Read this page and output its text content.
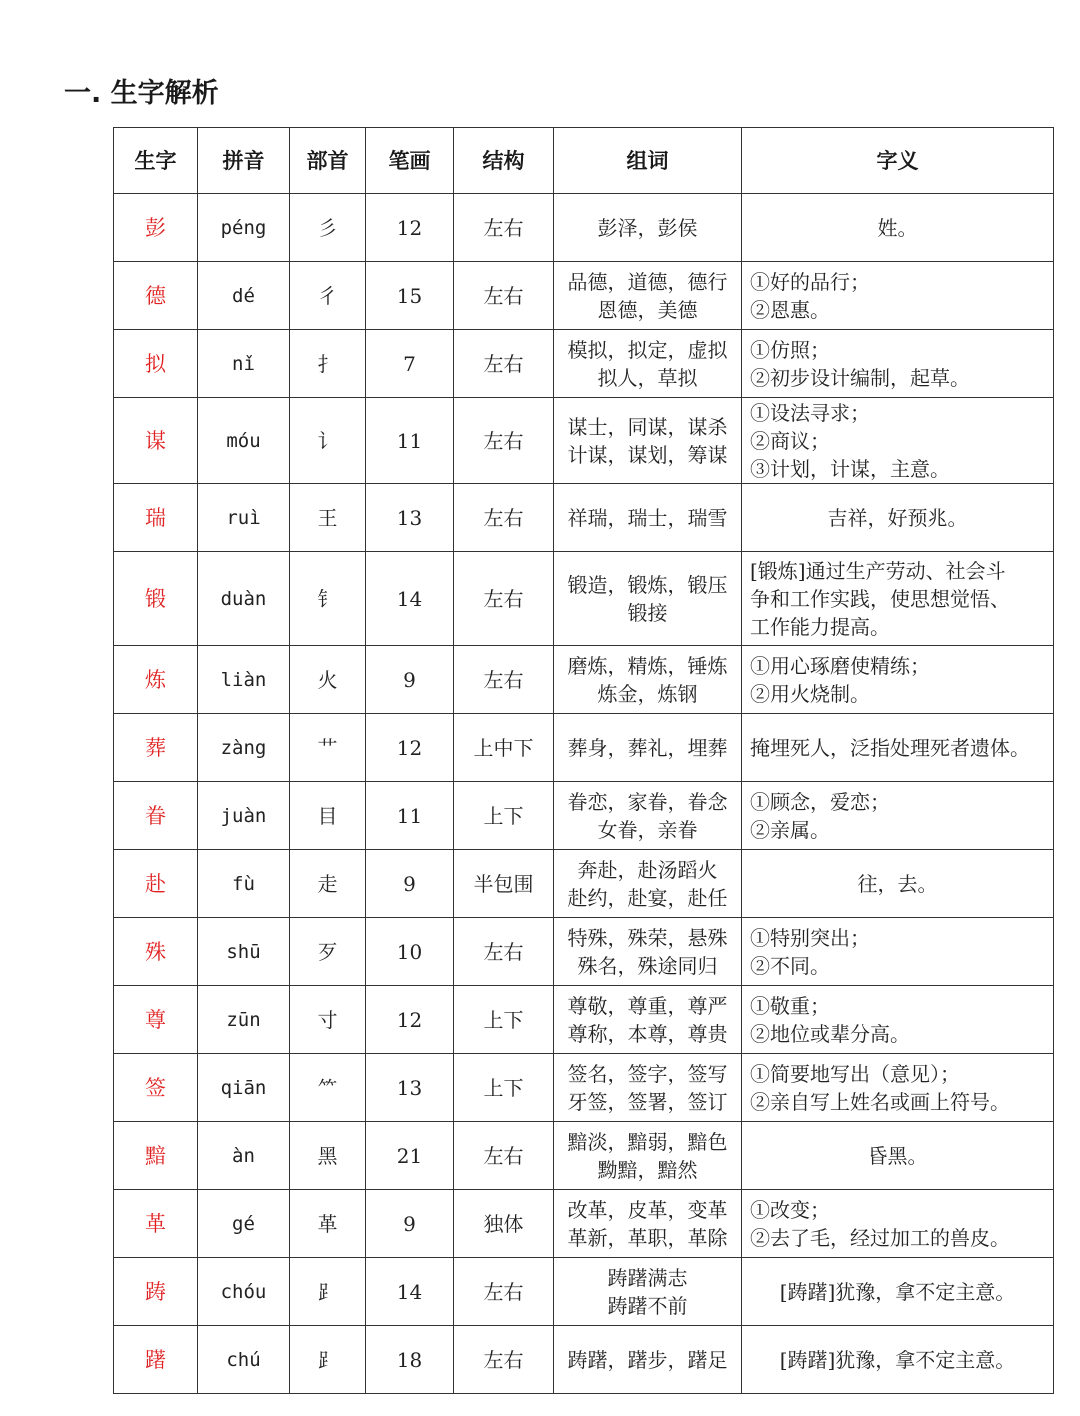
一. 生字解析
生字	拼音	部首	笔画	结构	组词	字义
彭	péng	彡	12	左右	彭泽，彭侯	姓。

德	dé	彳	15	左右	品德，道德，德行
恩德，美德	①好的品行；
②恩惠。

拟	nǐ	扌	7	左右	模拟，拟定，虚拟
拟人，草拟	①仿照；
②初步设计编制，起草。

谋	móu	讠	11	左右	谋士，同谋，谋杀
计谋，谋划，筹谋	①设法寻求；
②商议；
③计划，计谋，主意。

瑞	ruì	王	13	左右	祥瑞，瑞士，瑞雪	吉祥，好预兆。

锻	duàn	钅	14	左右	锻造，锻炼，锻压
锻接	[锻炼]通过生产劳动、社会斗
争和工作实践，使思想觉悟、
工作能力提高。

炼	liàn	火	9	左右	磨炼，精炼，锤炼
炼金，炼钢	①用心琢磨使精练；
②用火烧制。

葬	zàng	艹	12	上中下	葬身，葬礼，埋葬	掩埋死人，泛指处理死者遗体。

眷	juàn	目	11	上下	眷恋，家眷，眷念
女眷，亲眷	①顾念，爱恋；
②亲属。

赴	fù	走	9	半包围	奔赴，赴汤蹈火
赴约，赴宴，赴任	往，去。

殊	shū	歹	10	左右	特殊，殊荣，悬殊
殊名，殊途同归	①特别突出；
②不同。

尊	zūn	寸	12	上下	尊敬，尊重，尊严
尊称，本尊，尊贵	①敬重；
②地位或辈分高。

签	qiān	⺮	13	上下	签名，签字，签写
牙签，签署，签订	①简要地写出（意见）；
②亲自写上姓名或画上符号。

黯	àn	黑	21	左右	黯淡，黯弱，黯色
黝黯，黯然	昏黑。

革	gé	革	9	独体	改革，皮革，变革
革新，革职，革除	①改变；
②去了毛，经过加工的兽皮。

踌	chóu	⻊	14	左右	踌躇满志
踌躇不前	[踌躇]犹豫，拿不定主意。

躇	chú	⻊	18	左右	踌躇，躇步，躇足	[踌躇]犹豫，拿不定主意。
